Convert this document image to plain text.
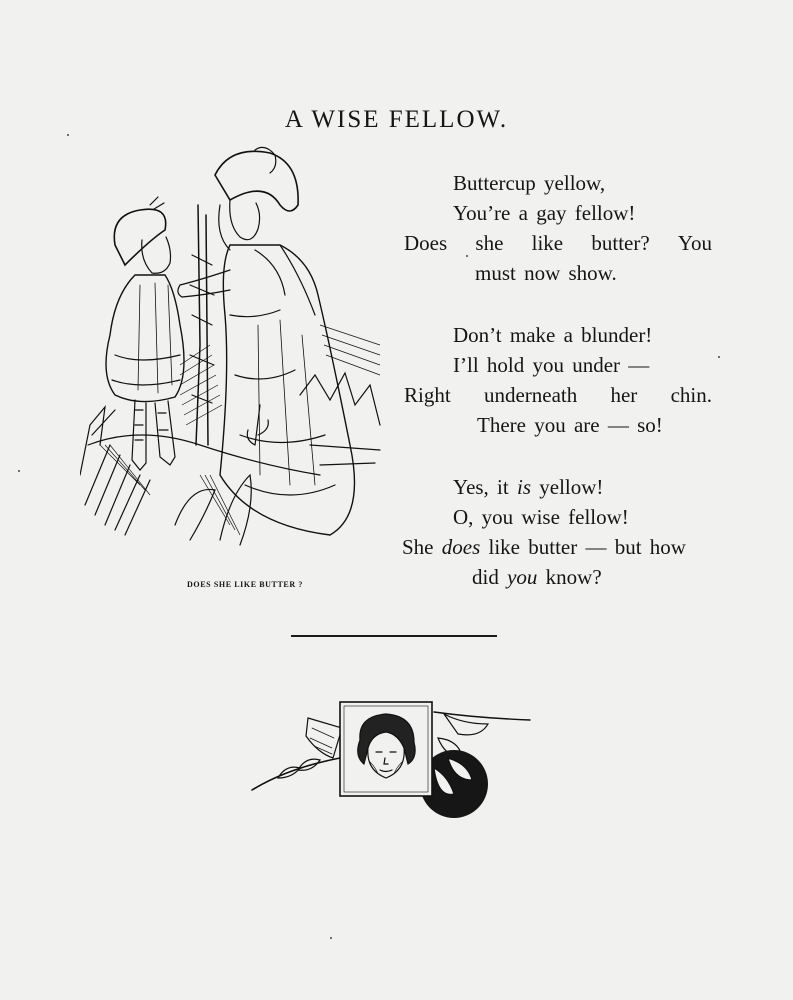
A WISE FELLOW.
DOES SHE LIKE BUTTER ?
Buttercup yellow,
You’re a gay fellow!
Does she like butter? You
must now show.
Don’t make a blunder!
I’ll hold you under —
Right underneath her chin.
There you are — so!
Yes, it is yellow!
O, you wise fellow!
She does like butter — but how
did you know?
